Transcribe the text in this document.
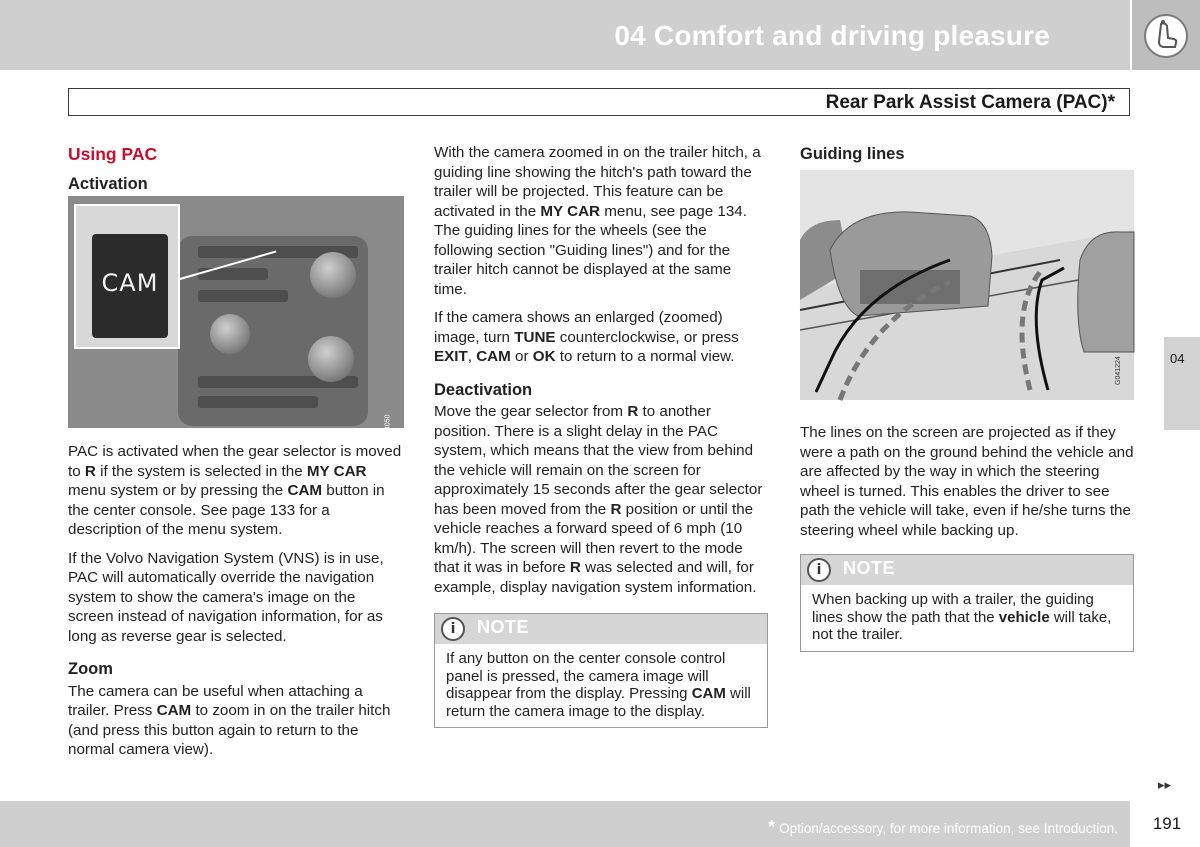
04 Comfort and driving pleasure
Rear Park Assist Camera (PAC)*
Using PAC
Activation
CAM
G044050

PAC is activated when the gear selector is moved to R if the system is selected in the MY CAR menu system or by pressing the CAM button in the center console. See page 133 for a description of the menu system.

If the Volvo Navigation System (VNS) is in use, PAC will automatically override the navigation system to show the camera's image on the screen instead of navigation information, for as long as reverse gear is selected.

Zoom

The camera can be useful when attaching a trailer. Press CAM to zoom in on the trailer hitch (and press this button again to return to the normal camera view).

With the camera zoomed in on the trailer hitch, a guiding line showing the hitch's path toward the trailer will be projected. This feature can be activated in the MY CAR menu, see page 134. The guiding lines for the wheels (see the following section "Guiding lines") and for the trailer hitch cannot be displayed at the same time.

If the camera shows an enlarged (zoomed) image, turn TUNE counterclockwise, or press EXIT, CAM or OK to return to a normal view.

Deactivation

Move the gear selector from R to another position. There is a slight delay in the PAC system, which means that the view from behind the vehicle will remain on the screen for approximately 15 seconds after the gear selector has been moved from the R position or until the vehicle reaches a forward speed of 6 mph (10 km/h). The screen will then revert to the mode that it was in before R was selected and will, for example, display navigation system information.

i	NOTE
If any button on the center console control panel is pressed, the camera image will disappear from the display. Pressing CAM will return the camera image to the display.
Guiding lines
G041224

The lines on the screen are projected as if they were a path on the ground behind the vehicle and are affected by the way in which the steering wheel is turned. This enables the driver to see path the vehicle will take, even if he/she turns the steering wheel while backing up.

i	NOTE
When backing up with a trailer, the guiding lines show the path that the vehicle will take, not the trailer.
04
▸▸
* Option/accessory, for more information, see Introduction.	191
